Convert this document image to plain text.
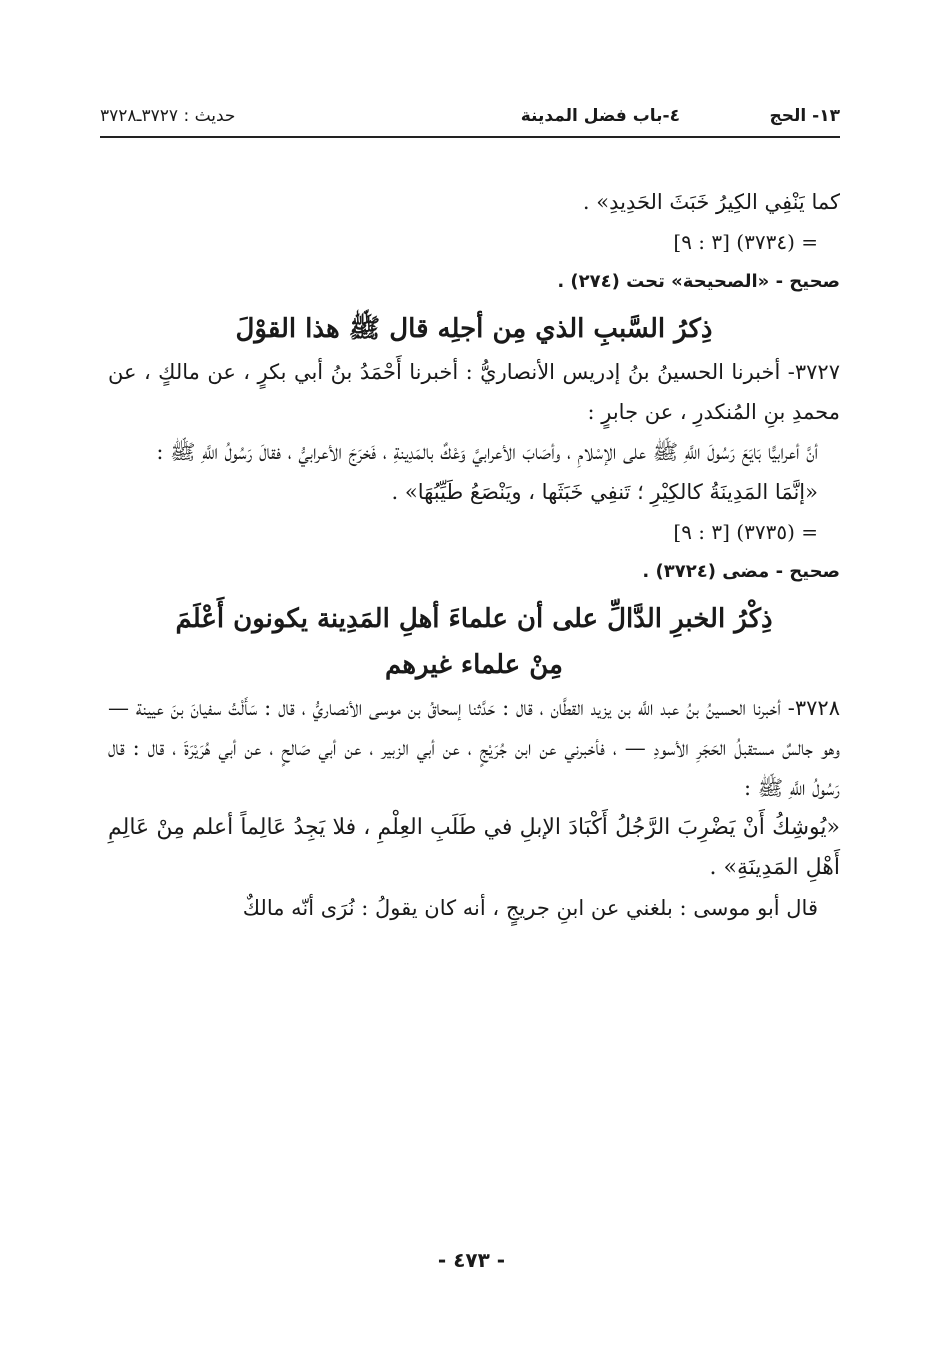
١٣- الحج
٤-باب فضل المدينة
حديث : ٣٧٢٧ـ٣٧٢٨

كما يَنْفِي الكِيرُ خَبَثَ الحَدِيدِ» .

= (٣٧٣٤) [٣ : ٩]

صحيح - «الصحيحة» تحت (٢٧٤) .

ذِكرُ السَّببِ الذي مِن أجلِه قال ﷺ هذا القوْلَ

٣٧٢٧- أخبرنا الحسينُ بنُ إدريس الأنصاريُّ : أخبرنا أَحْمَدُ بنُ أبي بكرٍ ، عن مالكٍ ، عن محمدِ بنِ المُنكدرِ ، عن جابرٍ :

أنَّ أعرابيًّا بَايَعَ رَسُولَ اللَّهِ ﷺ على الإسْلامِ ، وأصَابَ الأعرابيَّ وَعْكٌ بالمَدِينةِ ، فَخرَجَ الأعرابيُّ ، فقالَ رَسُولُ اللَّهِ ﷺ :

«إنَّمَا المَدِينَةُ كالكِيْرِ ؛ تَنفِي خَبَثَها ، ويَنْصَعُ طَيِّبُهَا» .

= (٣٧٣٥) [٣ : ٩]

صحيح - مضى (٣٧٢٤) .

ذِكْرُ الخبرِ الدَّالِّ على أن علماءَ أهلِ المَدِينة يكونون أَعْلَمَ

مِنْ علماء غيرهم

٣٧٢٨- أخبرنا الحسينُ بنُ عبد اللَّه بن يزيد القطَّان ، قال : حَدَّثنا إسحاقُ بن موسى الأنصاريُّ ، قال : سَأَلْتُ سفيانَ بنَ عيينة — وهو جالسٌ مستقبلُ الحَجَرِ الأسودِ — ، فأخبرني عن ابن جُرَيْجٍ ، عن أبي الزبير ، عن أبي صَالحٍ ، عن أبي هُرَيْرَةَ ، قال : قال رَسُولُ اللَّهِ ﷺ :

«يُوشِكُ أَنْ يَضْرِبَ الرَّجُلُ أَكْبَادَ الإبلِ في طَلَبِ العِلْمِ ، فلا يَجِدُ عَالِماً أعلم مِنْ عَالِمِ أَهْلِ المَدِينَةِ» .

قال أبو موسى : بلغني عن ابنِ جريجٍ ، أنه كان يقولُ : نُرَى أنّه مالكٌ

- ٤٧٣ -
